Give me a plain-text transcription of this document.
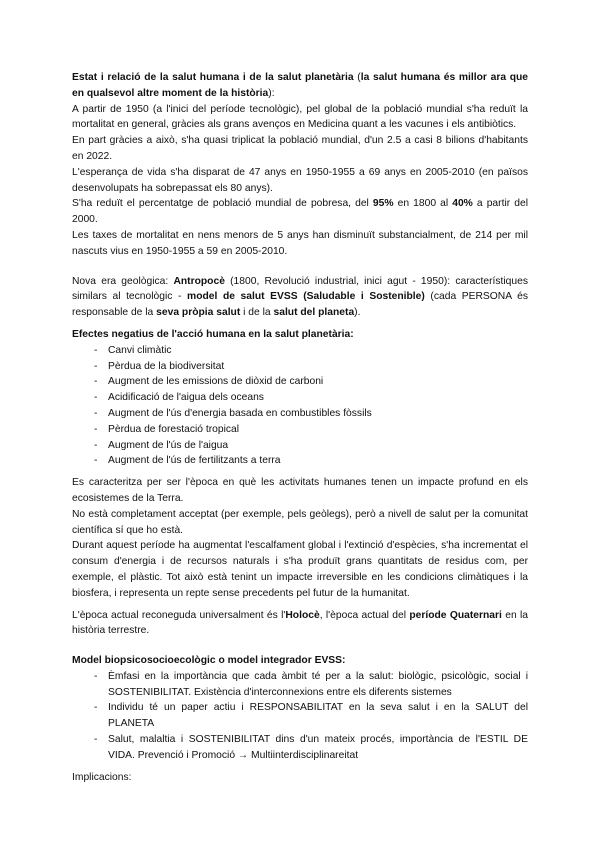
Estat i relació de la salut humana i de la salut planetària (la salut humana és millor ara que en qualsevol altre moment de la història):

A partir de 1950 (a l'inici del període tecnològic), pel global de la població mundial s'ha reduït la mortalitat en general, gràcies als grans avenços en Medicina quant a les vacunes i els antibiòtics.

En part gràcies a això, s'ha quasi triplicat la població mundial, d'un 2.5 a casi 8 bilions d'habitants en 2022.

L'esperança de vida s'ha disparat de 47 anys en 1950-1955 a 69 anys en 2005-2010 (en països desenvolupats ha sobrepassat els 80 anys).

S'ha reduït el percentatge de població mundial de pobresa, del 95% en 1800 al 40% a partir del 2000.

Les taxes de mortalitat en nens menors de 5 anys han disminuït substancialment, de 214 per mil nascuts vius en 1950-1955 a 59 en 2005-2010.

Nova era geològica: Antropocè (1800, Revolució industrial, inici agut - 1950): característiques similars al tecnològic - model de salut EVSS (Saludable i Sostenible) (cada PERSONA és responsable de la seva pròpia salut i de la salut del planeta).

Efectes negatius de l'acció humana en la salut planetària:

- Canvi climàtic
- Pèrdua de la biodiversitat
- Augment de les emissions de diòxid de carboni
- Acidificació de l'aigua dels oceans
- Augment de l'ús d'energia basada en combustibles fòssils
- Pèrdua de forestació tropical
- Augment de l'ús de l'aigua
- Augment de l'ús de fertilitzants a terra

Es caracteritza per ser l'època en què les activitats humanes tenen un impacte profund en els ecosistemes de la Terra.

No està completament acceptat (per exemple, pels geòlegs), però a nivell de salut per la comunitat científica sí que ho està.

Durant aquest període ha augmentat l'escalfament global i l'extinció d'espècies, s'ha incrementat el consum d'energia i de recursos naturals i s'ha produït grans quantitats de residus com, per exemple, el plàstic. Tot això està tenint un impacte irreversible en les condicions climàtiques i la biosfera, i representa un repte sense precedents pel futur de la humanitat.

L'època actual reconeguda universalment és l'Holocè, l'època actual del període Quaternari en la història terrestre.

Model biopsicosocioecològic o model integrador EVSS:

- Èmfasi en la importància que cada àmbit té per a la salut: biològic, psicològic, social i SOSTENIBILITAT. Existència d'interconnexions entre els diferents sistemes
- Individu té un paper actiu i RESPONSABILITAT en la seva salut i en la SALUT del PLANETA
- Salut, malaltia i SOSTENIBILITAT dins d'un mateix procés, importància de l'ESTIL DE VIDA. Prevenció i Promoció → Multiinterdisciplinareitat

Implicacions:
